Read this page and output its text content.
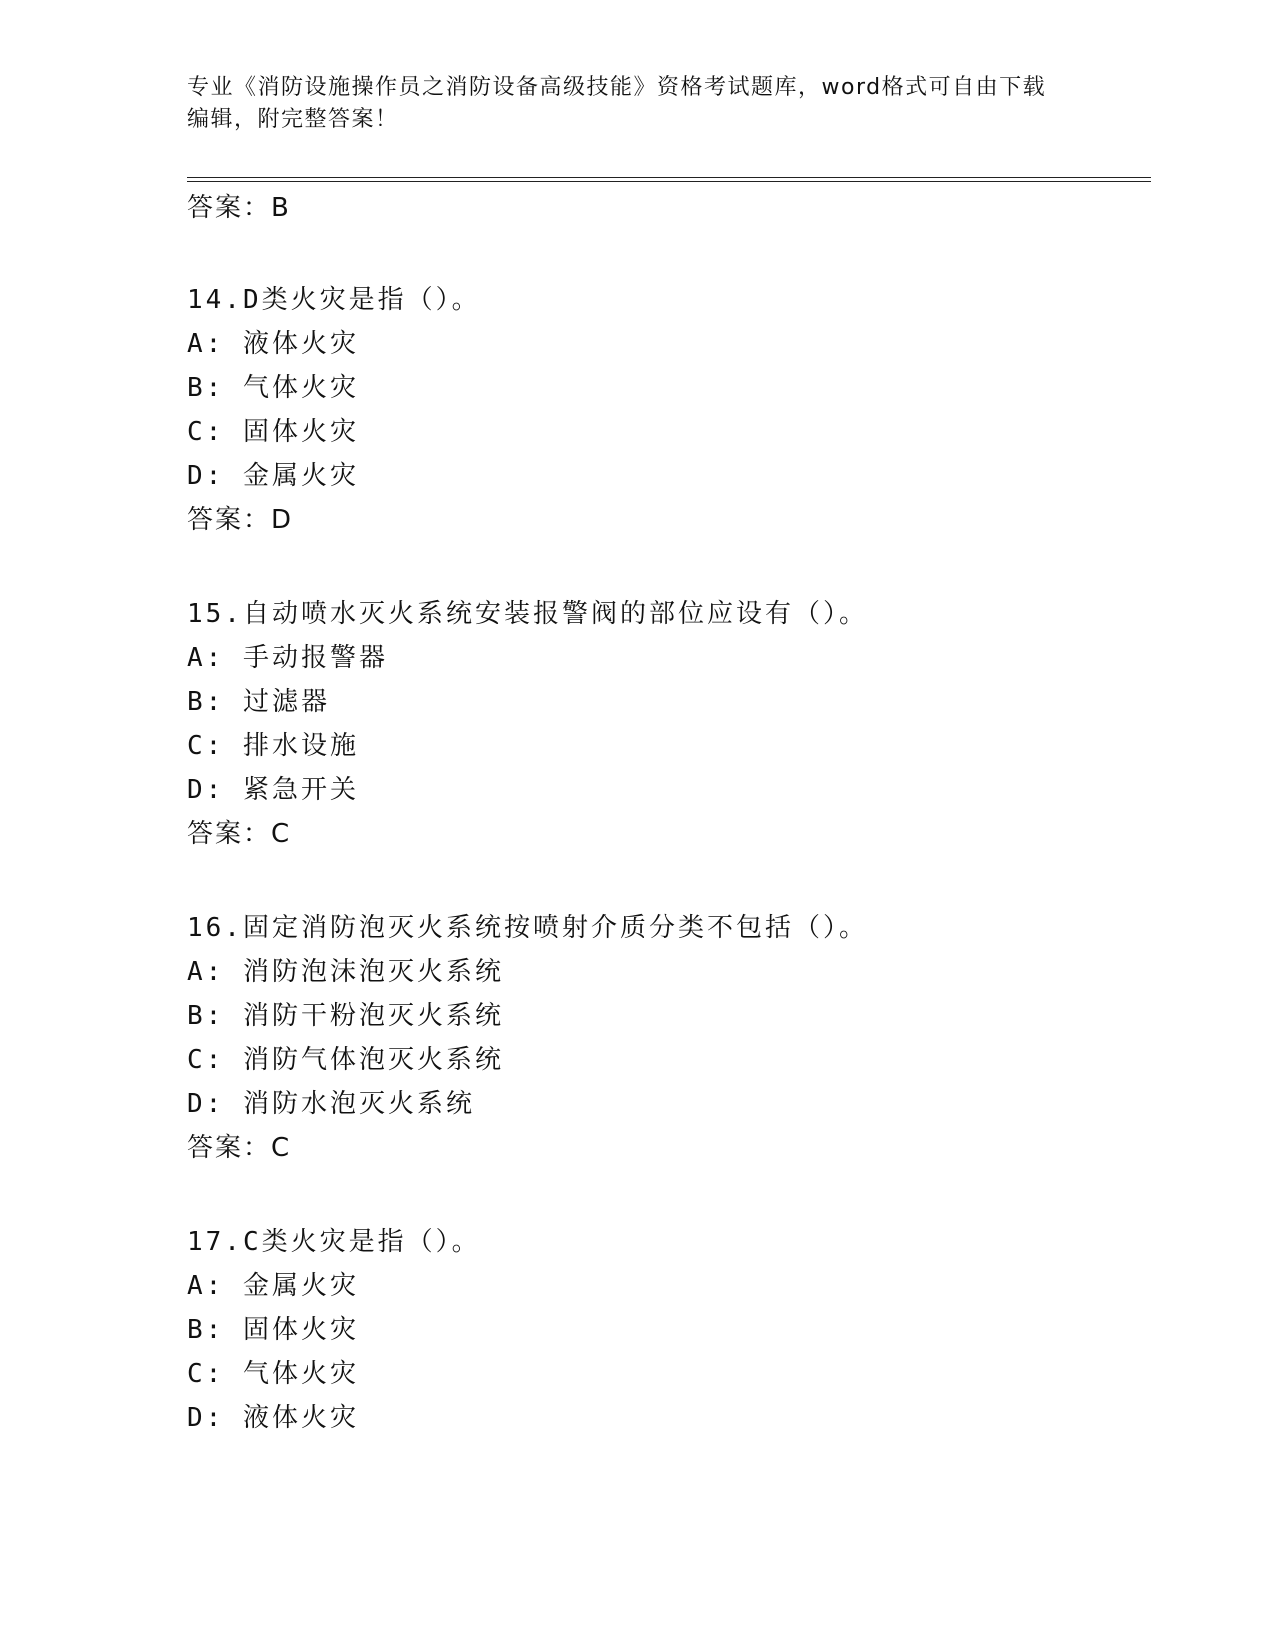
专业《消防设施操作员之消防设备高级技能》资格考试题库，word格式可自由下载编辑，附完整答案！
答案：B
14.D类火灾是指（）。
A: 液体火灾
B: 气体火灾
C: 固体火灾
D: 金属火灾
答案：D
15.自动喷水灭火系统安装报警阀的部位应设有（）。
A: 手动报警器
B: 过滤器
C: 排水设施
D: 紧急开关
答案：C
16.固定消防泡灭火系统按喷射介质分类不包括（）。
A: 消防泡沫泡灭火系统
B: 消防干粉泡灭火系统
C: 消防气体泡灭火系统
D: 消防水泡灭火系统
答案：C
17.C类火灾是指（）。
A: 金属火灾
B: 固体火灾
C: 气体火灾
D: 液体火灾
